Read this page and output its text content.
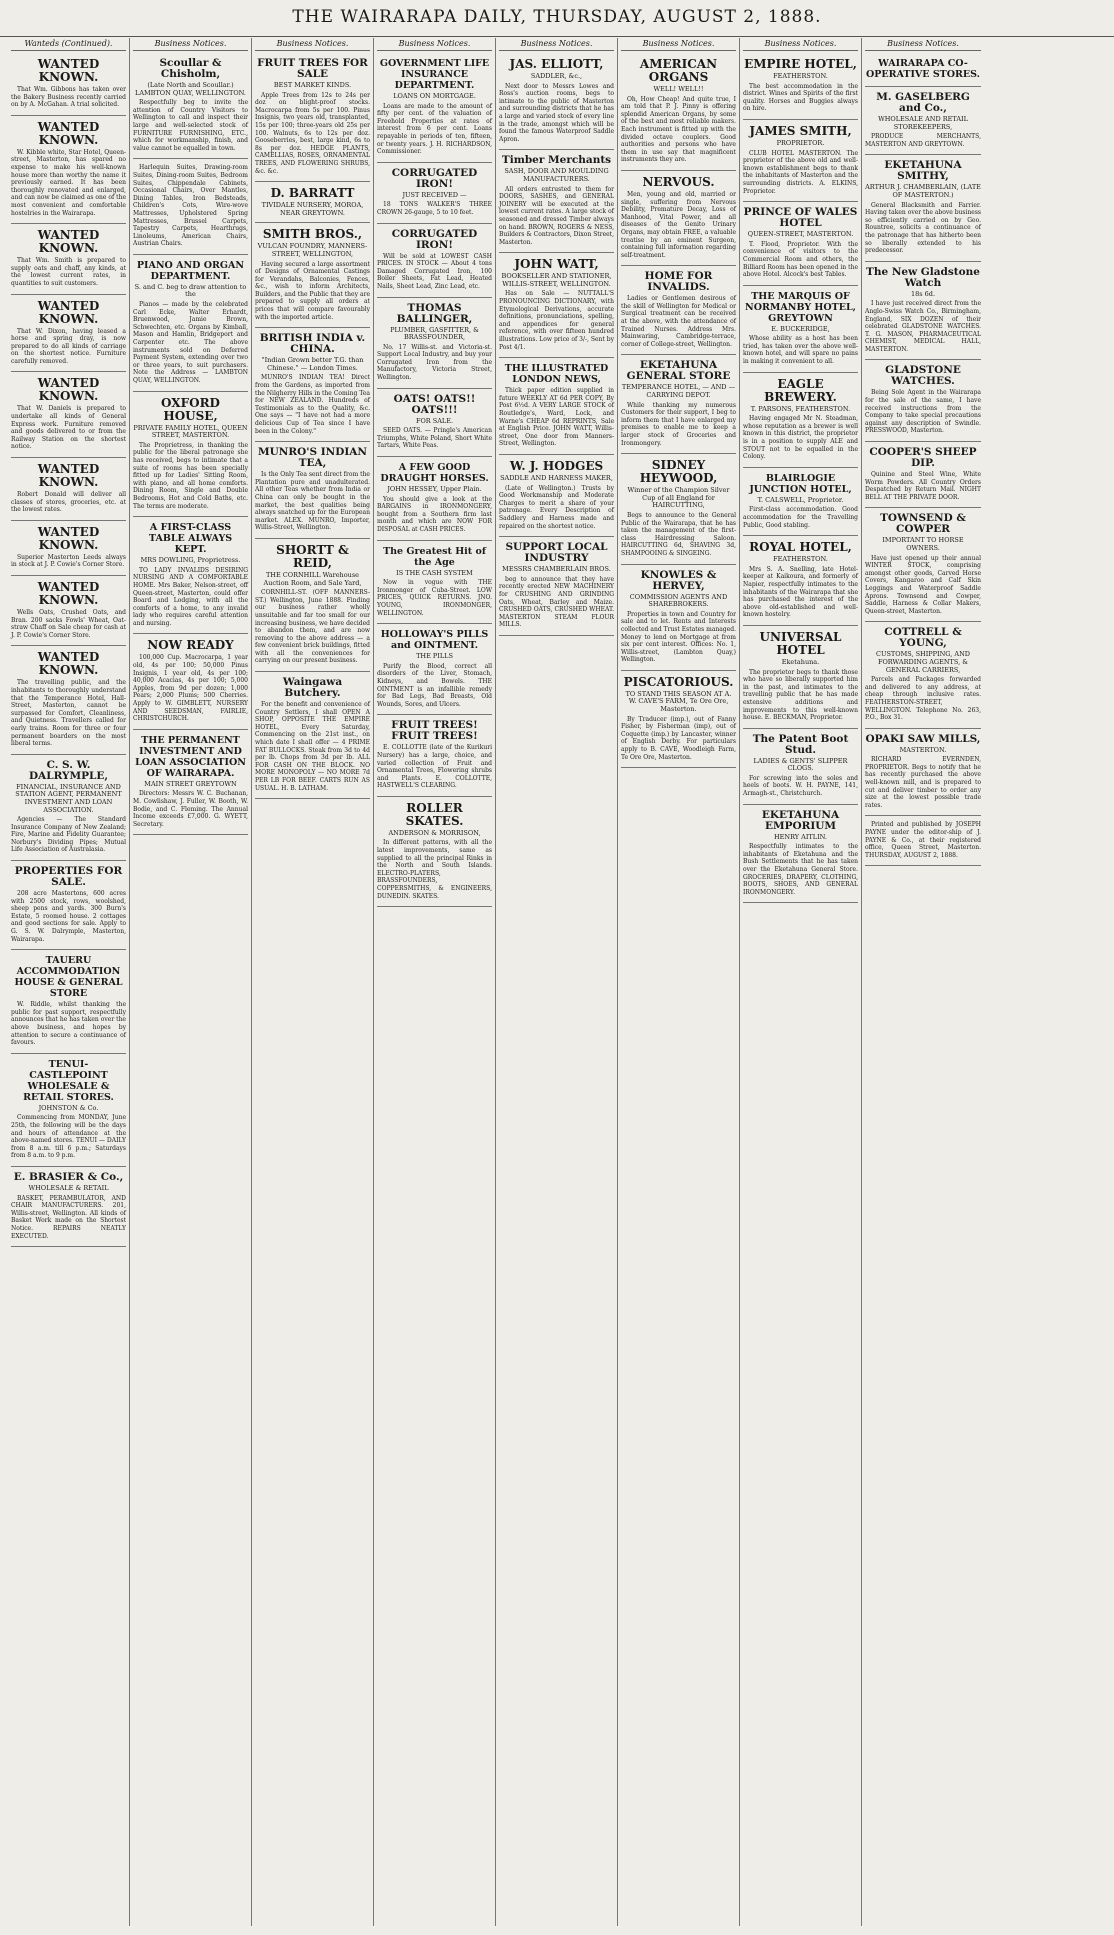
THE WAIRARAPA DAILY, THURSDAY, AUGUST 2, 1888.
Wanteds (Continued).
WANTED KNOWN.

That Wm. Gibbons has taken over the Bakery Business recently carried on by A. McGahan. A trial solicited.

WANTED KNOWN.

W. Kibble white, Star Hotel, Queen-street, Masterton, has spared no expense to make his well-known house more than worthy the name it previously earned. It has been thoroughly renovated and enlarged, and can now be claimed as one of the most convenient and comfortable hostelries in the Wairarapa.

WANTED KNOWN.

That Wm. Smith is prepared to supply oats and chaff, any kinds, at the lowest current rates, in quantities to suit customers.

WANTED KNOWN.

That W. Dixon, having leased a horse and spring dray, is now prepared to do all kinds of carriage on the shortest notice. Furniture carefully removed.

WANTED KNOWN.

That W. Daniels is prepared to undertake all kinds of General Express work. Furniture removed and goods delivered to or from the Railway Station on the shortest notice.

WANTED KNOWN.

Robert Donald will deliver all classes of stores, groceries, etc. at the lowest rates.

WANTED KNOWN.

Superior Masterton Leeds always in stock at J. P. Cowie's Corner Store.

WANTED KNOWN.

Wells Oats, Crushed Oats, and Bran. 200 sacks Fowls' Wheat, Oat-straw Chaff on Sale cheap for cash at J. P. Cowie's Corner Store.

WANTED KNOWN.

The travelling public, and the inhabitants to thoroughly understand that the Temperance Hotel, Hall-Street, Masterton, cannot be surpassed for Comfort, Cleanliness, and Quietness. Travellers called for early trains. Room for three or four permanent boarders on the most liberal terms.

C. S. W. DALRYMPLE,
FINANCIAL, INSURANCE AND STATION AGENT, PERMANENT INVESTMENT AND LOAN ASSOCIATION.

Agencies — The Standard Insurance Company of New Zealand; Fire, Marine and Fidelity Guarantee; Norbury's Dividing Pipes; Mutual Life Association of Australasia.

PROPERTIES FOR SALE.

208 acre Mastertons, 600 acres with 2500 stock, rows, woolshed, sheep pens and yards. 300 Burn's Estate, 5 roomed house. 2 cottages and good sections for sale. Apply to G. S. W. Dalrymple, Masterton, Wairarapa.

TAUERU ACCOMMODATION HOUSE & GENERAL STORE

W. Riddle, whilst thanking the public for past support, respectfully announces that he has taken over the above business, and hopes by attention to secure a continuance of favours.

TENUI-CASTLEPOINT WHOLESALE & RETAIL STORES.
JOHNSTON & Co.

Commencing from MONDAY, June 25th, the following will be the days and hours of attendance at the above-named stores. TENUI — DAILY from 8 a.m. till 6 p.m.; Saturdays from 8 a.m. to 9 p.m.

E. BRASIER & Co.,
WHOLESALE & RETAIL

BASKET, PERAMBULATOR, AND CHAIR MANUFACTURERS. 201, Willis-street, Wellington. All kinds of Basket Work made on the Shortest Notice. REPAIRS NEATLY EXECUTED.

Business Notices.
Scoullar & Chisholm,
(Late North and Scoullar.) LAMBTON QUAY, WELLINGTON.

Respectfully beg to invite the attention of Country Visitors to Wellington to call and inspect their large and well-selected stock of FURNITURE FURNISHING, ETC., which for workmanship, finish, and value cannot be equalled in town.

Harlequin Suites, Drawing-room Suites, Dining-room Suites, Bedroom Suites, Chippendale Cabinets, Occasional Chairs, Over Mantles, Dining Tables, Iron Bedsteads, Children's Cots, Wire-wove Mattresses, Upholstered Spring Mattresses, Brussel Carpets, Tapestry Carpets, Hearthrugs, Linoleums, American Chairs, Austrian Chairs.

PIANO AND ORGAN DEPARTMENT.
S. and C. beg to draw attention to the

Pianos — made by the celebrated Carl Ecke, Walter Erhardt, Bruenwood, Jamie Brown, Schwechten, etc. Organs by Kimball, Mason and Hamlin, Bridgeport and Carpenter etc. The above instruments sold on Deferred Payment System, extending over two or three years, to suit purchasers. Note the Address — LAMBTON QUAY, WELLINGTON.

OXFORD HOUSE,
PRIVATE FAMILY HOTEL, QUEEN STREET, MASTERTON.

The Proprietress, in thanking the public for the liberal patronage she has received, begs to intimate that a suite of rooms has been specially fitted up for Ladies' Sitting Room, with piano, and all home comforts. Dining Room, Single and Double Bedrooms, Hot and Cold Baths, etc. The terms are moderate.

A FIRST-CLASS TABLE ALWAYS KEPT.
MRS DOWLING, Proprietress.

TO LADY INVALIDS DESIRING NURSING AND A COMFORTABLE HOME. Mrs Baker, Nelson-street, off Queen-street, Masterton, could offer Board and Lodging, with all the comforts of a home, to any invalid lady who requires careful attention and nursing.

NOW READY

100,000 Cup. Macrocarpa, 1 year old, 4s per 100; 50,000 Pinus Insignis, 1 year old, 4s per 100; 40,000 Acacias, 4s per 100; 5,000 Apples, from 9d per dozen; 1,000 Pears; 2,000 Plums; 500 Cherries. Apply to W. GIMBLETT, NURSERY AND SEEDSMAN, FAIRLIE, CHRISTCHURCH.

THE PERMANENT INVESTMENT AND LOAN ASSOCIATION OF WAIRARAPA.
MAIN STREET GREYTOWN

Directors: Messrs W. C. Buchanan, M. Cowlishaw, J. Fuller, W. Booth, W. Bodie, and C. Fleming. The Annual Income exceeds £7,000. G. WYETT, Secretary.

Business Notices.
FRUIT TREES FOR SALE
BEST MARKET KINDS.

Apple Trees from 12s to 24s per doz on blight-proof stocks. Macrocarpa from 5s per 100. Pinus Insignis, two years old, transplanted, 15s per 100; three-years old 25s per 100. Walnuts, 6s to 12s per doz. Gooseberries, best, large kind, 6s to 8s per doz. HEDGE PLANTS, CAMELLIAS, ROSES, ORNAMENTAL TREES, AND FLOWERING SHRUBS, &c. &c.

D. BARRATT
TIVIDALE NURSERY, MOROA, NEAR GREYTOWN.
SMITH BROS.,
VULCAN FOUNDRY, MANNERS-STREET, WELLINGTON,

Having secured a large assortment of Designs of Ornamental Castings for Verandahs, Balconies, Fences, &c., wish to inform Architects, Builders, and the Public that they are prepared to supply all orders at prices that will compare favourably with the imported article.

BRITISH INDIA v. CHINA.
"Indian Grown better T.G. than Chinese." — London Times.

MUNRO'S INDIAN TEA! Direct from the Gardens, as imported from the Nilgherry Hills in the Coming Tea for NEW ZEALAND. Hundreds of Testimonials as to the Quality, &c. One says — "I have not had a more delicious Cup of Tea since I have been in the Colony."

MUNRO'S INDIAN TEA,

Is the Only Tea sent direct from the Plantation pure and unadulterated. All other Teas whether from India or China can only be bought in the market, the best qualities being always snatched up for the European market. ALEX. MUNRO, Importer, Willis-Street, Wellington.

SHORTT & REID,
THE CORNHILL Warehouse Auction Room, and Sale Yard,

CORNHILL-ST. (OFF MANNERS-ST.) Wellington, June 1888. Finding our business rather wholly unsuitable and far too small for our increasing business, we have decided to abandon them, and are now removing to the above address — a few convenient brick buildings, fitted with all the conveniences for carrying on our present business.

Waingawa Butchery.

For the benefit and convenience of Country Settlers, I shall OPEN A SHOP, OPPOSITE THE EMPIRE HOTEL, Every Saturday, Commencing on the 21st inst., on which date I shall offer — 4 PRIME FAT BULLOCKS. Steak from 3d to 4d per lb. Chops from 3d per lb. ALL FOR CASH ON THE BLOCK. NO MORE MONOPOLY — NO MORE 7d PER LB FOR BEEF. CARTS RUN AS USUAL. H. B. LATHAM.

Business Notices.
GOVERNMENT LIFE INSURANCE DEPARTMENT.
LOANS ON MORTGAGE.

Loans are made to the amount of fifty per cent. of the valuation of Freehold Properties at rates of interest from 6 per cent. Loans repayable in periods of ten, fifteen, or twenty years. J. H. RICHARDSON, Commissioner.

CORRUGATED IRON!
JUST RECEIVED —

18 TONS WALKER'S THREE CROWN 26-gauge, 5 to 10 feet.

CORRUGATED IRON!

Will be sold at LOWEST CASH PRICES. IN STOCK — About 4 tons Damaged Corrugated Iron, 100 Boiler Sheets, Fat Lead, Heated Nails, Sheet Lead, Zinc Lead, etc.

THOMAS BALLINGER,
PLUMBER, GASFITTER, & BRASSFOUNDER,

No. 17 Willis-st. and Victoria-st. Support Local Industry, and buy your Corrugated Iron from the Manufactory, Victoria Street, Wellington.

OATS! OATS!! OATS!!!
FOR SALE.

SEED OATS. — Pringle's American Triumphs, White Poland, Short White Tartars, White Peas.

A FEW GOOD DRAUGHT HORSES.
JOHN HESSEY, Upper Plain.

You should give a look at the BARGAINS in IRONMONGERY, bought from a Southern firm last month and which are NOW FOR DISPOSAL at CASH PRICES.

The Greatest Hit of the Age
IS THE CASH SYSTEM

Now in vogue with THE Ironmonger of Cuba-Street. LOW PRICES, QUICK RETURNS. JNO. YOUNG, IRONMONGER, WELLINGTON.

HOLLOWAY'S PILLS and OINTMENT.
THE PILLS

Purify the Blood, correct all disorders of the Liver, Stomach, Kidneys, and Bowels. THE OINTMENT is an infallible remedy for Bad Legs, Bad Breasts, Old Wounds, Sores, and Ulcers.

FRUIT TREES! FRUIT TREES!

E. COLLOTTE (late of the Kurikuri Nursery) has a large, choice, and varied collection of Fruit and Ornamental Trees, Flowering shrubs and Plants. E. COLLOTTE, HASTWELL'S CLEARING.

ROLLER SKATES.
ANDERSON & MORRISON,

In different patterns, with all the latest improvements, same as supplied to all the principal Rinks in the North and South Islands. ELECTRO-PLATERS, BRASSFOUNDERS, COPPERSMITHS, & ENGINEERS, DUNEDIN. SKATES.

Business Notices.
JAS. ELLIOTT,
SADDLER, &c.,

Next door to Messrs Lowes and Ross's auction rooms, begs to intimate to the public of Masterton and surrounding districts that he has a large and varied stock of every line in the trade, amongst which will be found the famous Waterproof Saddle Apron.

Timber Merchants
SASH, DOOR AND MOULDING MANUFACTURERS.

All orders entrusted to them for DOORS, SASHES, and GENERAL JOINERY will be executed at the lowest current rates. A large stock of seasoned and dressed Timber always on hand. BROWN, ROGERS & NESS, Builders & Contractors, Dixon Street, Masterton.

JOHN WATT,
BOOKSELLER AND STATIONER, WILLIS-STREET, WELLINGTON.

Has on Sale — NUTTALL'S PRONOUNCING DICTIONARY, with Etymological Derivations, accurate definitions, pronunciations, spelling, and appendices for general reference, with over fifteen hundred illustrations. Low price of 3/-, Sent by Post 4/1.

THE ILLUSTRATED LONDON NEWS,

Thick paper edition supplied in future WEEKLY AT 6d PER COPY, By Post 6½d. A VERY LARGE STOCK of Routledge's, Ward, Lock, and Warne's CHEAP 6d REPRINTS, Sale at English Price. JOHN WATT, Willis-street, One door from Manners-Street, Wellington.

W. J. HODGES
SADDLE AND HARNESS MAKER,

(Late of Wellington.) Trusts by Good Workmanship and Moderate Charges to merit a share of your patronage. Every Description of Saddlery and Harness made and repaired on the shortest notice.

SUPPORT LOCAL INDUSTRY
MESSRS CHAMBERLAIN BROS.

beg to announce that they have recently erected NEW MACHINERY for CRUSHING AND GRINDING Oats, Wheat, Barley and Maize. CRUSHED OATS, CRUSHED WHEAT. MASTERTON STEAM FLOUR MILLS.

Business Notices.
AMERICAN ORGANS
WELL! WELL!!

Oh, How Cheap! And quite true, I am told that P. J. Pinny is offering splendid American Organs, by some of the best and most reliable makers. Each instrument is fitted up with the divided octave couplers. Good authorities and persons who have them in use say that magnificent instruments they are.

NERVOUS.

Men, young and old, married or single, suffering from Nervous Debility, Premature Decay, Loss of Manhood, Vital Power, and all diseases of the Genito Urinary Organs, may obtain FREE, a valuable treatise by an eminent Surgeon, containing full information regarding self-treatment.

HOME FOR INVALIDS.

Ladies or Gentlemen desirous of the skill of Wellington for Medical or Surgical treatment can be received at the above, with the attendance of Trained Nurses. Address Mrs. Mainwaring, Cambridge-terrace, corner of College-street, Wellington.

EKETAHUNA GENERAL STORE
TEMPERANCE HOTEL, — AND — CARRYING DEPOT.

While thanking my numerous Customers for their support, I beg to inform them that I have enlarged my premises to enable me to keep a larger stock of Groceries and Ironmongery.

SIDNEY HEYWOOD,
Winner of the Champion Silver Cup of all England for HAIRCUTTING,

Begs to announce to the General Public of the Wairarapa, that he has taken the management of the first-class Hairdressing Saloon. HAIRCUTTING 6d, SHAVING 3d, SHAMPOOING & SINGEING.

KNOWLES & HERVEY,
COMMISSION AGENTS AND SHAREBROKERS.

Properties in town and Country for sale and to let. Rents and Interests collected and Trust Estates managed. Money to lend on Mortgage at from six per cent interest. Offices: No. 1, Willis-street, (Lambton Quay,) Wellington.

PISCATORIOUS.
TO STAND THIS SEASON AT A. W. CAVE'S FARM, Te Ore Ore, Masterton.

By Traducer (imp.), out of Fanny Fisher, by Fisherman (imp), out of Coquette (imp.) by Lancaster, winner of English Derby. For particulars apply to B. CAVE, Woodleigh Farm, Te Ore Ore, Masterton.

Business Notices.
EMPIRE HOTEL,
FEATHERSTON.

The best accommodation in the district. Wines and Spirits of the first quality. Horses and Buggies always on hire.

JAMES SMITH,
PROPRIETOR.

CLUB HOTEL MASTERTON. The proprietor of the above old and well-known establishment begs to thank the inhabitants of Masterton and the surrounding districts. A. ELKINS, Proprietor.

PRINCE OF WALES HOTEL
QUEEN-STREET, MASTERTON.

T. Flood, Proprietor. With the convenience of visitors to the Commercial Room and others, the Billiard Room has been opened in the above Hotel. Alcock's best Tables.

THE MARQUIS OF NORMANBY HOTEL, GREYTOWN
E. BUCKERIDGE,

Whose ability as a host has been tried, has taken over the above well-known hotel, and will spare no pains in making it convenient to all.

EAGLE BREWERY.
T. PARSONS, FEATHERSTON.

Having engaged Mr N. Steadman, whose reputation as a brewer is well known in this district, the proprietor is in a position to supply ALE and STOUT not to be equalled in the Colony.

BLAIRLOGIE JUNCTION HOTEL,
T. CALSWELL, Proprietor.

First-class accommodation. Good accommodation for the Travelling Public, Good stabling.

ROYAL HOTEL,
FEATHERSTON.

Mrs S. A. Snelling, late Hotel-keeper at Kaikoura, and formerly of Napier, respectfully intimates to the inhabitants of the Wairarapa that she has purchased the interest of the above old-established and well-known hostelry.

UNIVERSAL HOTEL
Eketahuna.

The proprietor begs to thank those who have so liberally supported him in the past, and intimates to the travelling public that he has made extensive additions and improvements to this well-known house. E. BECKMAN, Proprietor.

The Patent Boot Stud.
LADIES & GENTS' SLIPPER CLOGS.

For screwing into the soles and heels of boots. W. H. PAYNE, 141, Armagh-st., Christchurch.

EKETAHUNA EMPORIUM
HENRY AITLIN.

Respectfully intimates to the inhabitants of Eketahuna and the Bush Settlements that he has taken over the Eketahuna General Store. GROCERIES, DRAPERY, CLOTHING, BOOTS, SHOES, AND GENERAL IRONMONGERY.

Business Notices.
WAIRARAPA CO-OPERATIVE STORES.
M. GASELBERG and Co.,
WHOLESALE AND RETAIL STOREKEEPERS,

PRODUCE MERCHANTS, MASTERTON AND GREYTOWN.

EKETAHUNA SMITHY,
ARTHUR J. CHAMBERLAIN, (LATE OF MASTERTON.)

General Blacksmith and Farrier. Having taken over the above business so efficiently carried on by Geo. Rountree, solicits a continuance of the patronage that has hitherto been so liberally extended to his predecessor.

The New Gladstone Watch
18s 6d.

I have just received direct from the Anglo-Swiss Watch Co., Birmingham, England, SIX DOZEN of their celebrated GLADSTONE WATCHES. T. G. MASON, PHARMACEUTICAL CHEMIST, MEDICAL HALL, MASTERTON.

GLADSTONE WATCHES.

Being Sole Agent in the Wairarapa for the sale of the same, I have received instructions from the Company to take special precautions against any description of Swindle. PRESSWOOD, Masterton.

COOPER'S SHEEP DIP.

Quinine and Steel Wine, White Worm Powders. All Country Orders Despatched by Return Mail. NIGHT BELL AT THE PRIVATE DOOR.

TOWNSEND & COWPER
IMPORTANT TO HORSE OWNERS.

Have just opened up their annual WINTER STOCK, comprising amongst other goods, Carved Horse Covers, Kangaroo and Calf Skin Leggings and Waterproof Saddle Aprons. Townsend and Cowper, Saddle, Harness & Collar Makers, Queen-street, Masterton.

COTTRELL & YOUNG,
CUSTOMS, SHIPPING, AND FORWARDING AGENTS, & GENERAL CARRIERS,

Parcels and Packages forwarded and delivered to any address, at cheap through inclusive rates. FEATHERSTON-STREET, WELLINGTON. Telephone No. 263, P.O., Box 31.

OPAKI SAW MILLS,
MASTERTON.

RICHARD EVERNDEN, PROPRIETOR. Begs to notify that he has recently purchased the above well-known mill, and is prepared to cut and deliver timber to order any size at the lowest possible trade rates.

Printed and published by JOSEPH PAYNE under the editor-ship of J. PAYNE & Co., at their registered office, Queen Street, Masterton. THURSDAY, AUGUST 2, 1888.
